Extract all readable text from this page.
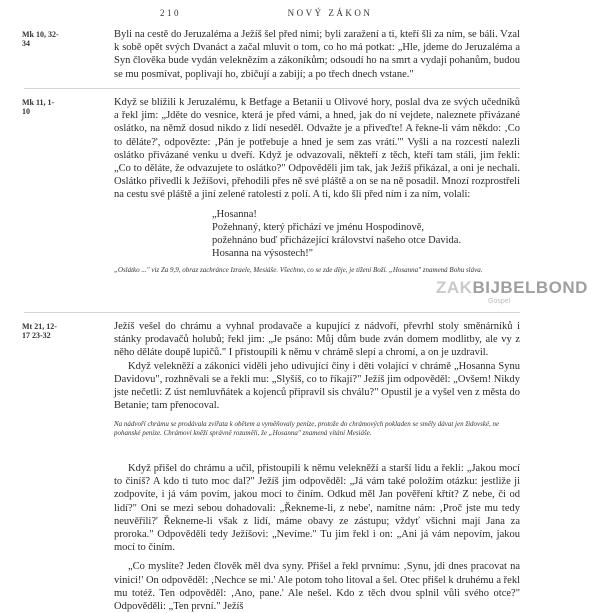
210	NOVÝ ZÁKON
Mk 10, 32-34

Byli na cestě do Jeruzaléma a Ježíš šel před nimi; byli zaražení a ti, kteří šli za ním, se báli. Vzal k sobě opět svých Dvanáct a začal mluvit o tom, co ho má potkat: „Hle, jdeme do Jeruzaléma a Syn člověka bude vydán veleknězím a zákoníkům; odsoudí ho na smrt a vydají pohanům, budou se mu posmívat, poplivají ho, zbičují a zabijí; a po třech dnech vstane."

Mk 11, 1-10

Když se blížili k Jeruzalému, k Betfage a Betanii u Olivové hory, poslal dva ze svých učedníků a řekl jim: „Jděte do vesnice, která je před vámi, a hned, jak do ní vejdete, naleznete přivázané oslátko, na němž dosud nikdo z lidí neseděl. Odvažte je a přiveďte! A řekne-li vám někdo: ‚Co to děláte?', odpovězte: ‚Pán je potřebuje a hned je sem zas vrátí.'" Vyšli a na rozcestí nalezli oslátko přivázané venku u dveří. Když je odvazovali, někteří z těch, kteří tam stáli, jim řekli: „Co to děláte, že odvazujete to oslátko?" Odpověděli jim tak, jak Ježíš přikázal, a oni je nechali. Oslátko přivedli k Ježíšovi, přehodili přes ně své pláště a on se na ně posadil. Mnozí rozprostřeli na cestu své pláště a jiní zelené ratolesti z polí. A ti, kdo šli před ním i za ním, volali:

„Hosanna!
Požehnaný, který přichází ve jménu Hospodinově,
požehnáno buď přicházející království našeho otce Davida.
Hosanna na výsostech!"

„Oslátko ..." viz Za 9,9, obraz zachránce Izraele, Mesiáše. Všechno, co se zde děje, je tížení Boží. „Hosanna" znamená Bohu sláva.

Mt 21, 12-17 23-32

Ježíš vešel do chrámu a vyhnal prodavače a kupující z nádvoří, převrhl stoly směnárníků i stánky prodavačů holubů; řekl jim: „Je psáno: Můj dům bude zván domem modlitby, ale vy z něho děláte doupě lupičů." I přistoupili k němu v chrámě slepí a chromí, a on je uzdravil.

Když velekněží a zákoníci viděli jeho udivující činy i děti volající v chrámě „Hosanna Synu Davidovu", rozhněvali se a řekli mu: „Slyšíš, co to říkají?" Ježíš jim odpověděl: „Ovšem! Nikdy jste nečetli: Z úst nemluvňátek a kojenců připravil sis chválu?" Opustil je a vyšel ven z města do Betanie; tam přenocoval.

Na nádvoří chrámu se prodávala zvířata k obětem a vyměňovaly peníze, protože do chrámových pokladen se směly dávat jen židovské, ne pohanské peníze. Chrámoví kněží správně rozuměli, že „Hosanna" znamená vítání Mesiáše.

Když přišel do chrámu a učil, přistoupili k němu velekněží a starší lidu a řekli: „Jakou mocí to činíš? A kdo ti tuto moc dal?" Ježíš jim odpověděl: „Já vám také položím otázku: jestliže ji zodpovíte, i já vám povím, jakou mocí to činím. Odkud měl Jan pověření křtít? Z nebe, či od lidí?" Oni se mezi sebou dohadovali: „Řekneme-li, z nebe', namítne nám: ‚Proč jste mu tedy neuvěřili?' Řekneme-li však z lidí, máme obavy ze zástupu; vždyť všichni mají Jana za proroka." Odpověděli tedy Ježíšovi: „Nevíme." Tu jim řekl i on: „Ani já vám nepovím, jakou mocí to činím.

„Co myslíte? Jeden člověk měl dva syny. Přišel a řekl prvnímu: ‚Synu, jdi dnes pracovat na vinici!' On odpověděl: ‚Nechce se mi.' Ale potom toho litoval a šel. Otec přišel k druhému a řekl mu totéž. Ten odpověděl: ‚Ano, pane.' Ale nešel. Kdo z těch dvou splnil vůli svého otce?" Odpověděli: „Ten první." Ježíš

ZAKBIJBELBOND
Gospel
